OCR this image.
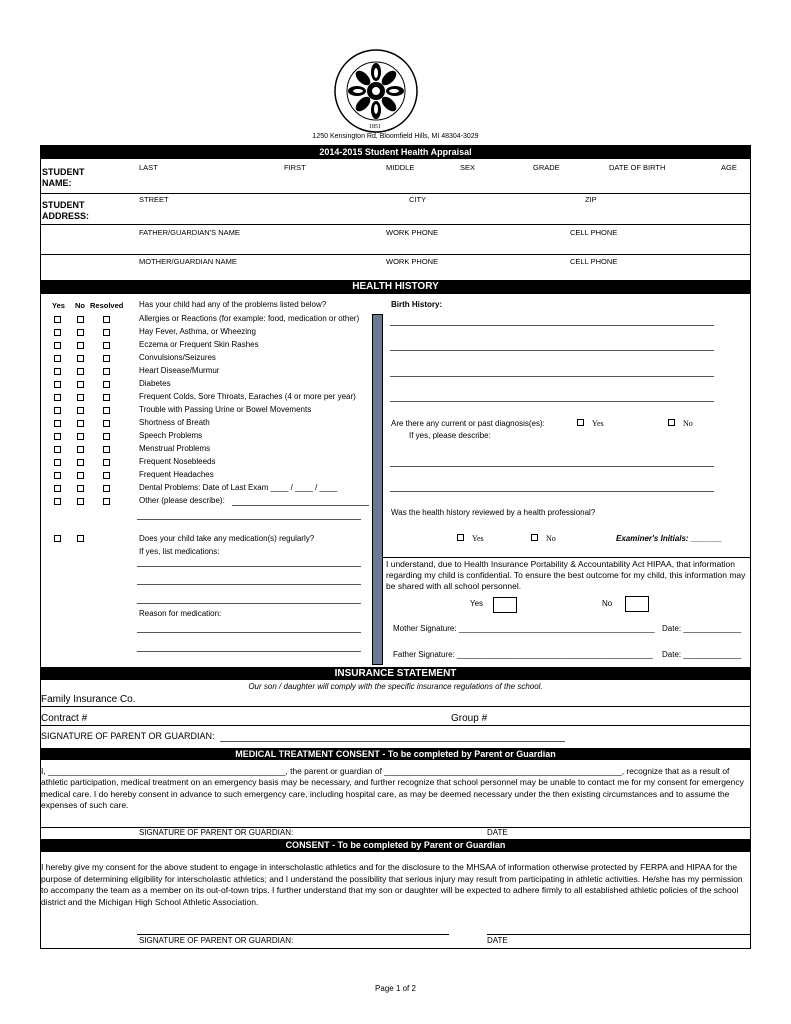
1851
1250 Kensington Rd, Bloomfield Hills, MI 48304-3029
2014-2015 Student Health Appraisal
STUDENT NAME:
LAST	FIRST	MIDDLE	SEX	GRADE	DATE OF BIRTH	AGE
STUDENT ADDRESS:
STREET	CITY	ZIP
FATHER/GUARDIAN'S NAME	WORK PHONE	CELL PHONE
MOTHER/GUARDIAN NAME	WORK PHONE	CELL PHONE
HEALTH HISTORY
Yes No Resolved Has your child had any of the problems listed below?
Allergies or Reactions (for example: food, medication or other)
Hay Fever, Asthma, or Wheezing
Eczema or Frequent Skin Rashes
Convulsions/Seizures
Heart Disease/Murmur
Diabetes
Frequent Colds, Sore Throats, Earaches (4 or more per year)
Trouble with Passing Urine or Bowel Movements
Shortness of Breath
Speech Problems
Menstrual Problems
Frequent Nosebleeds
Frequent Headaches
Dental Problems: Date of Last Exam ____ / ____ / ____
Other (please describe):
Does your child take any medication(s) regularly?
If yes, list medications:
Reason for medication:
Birth History:
Are there any current or past diagnosis(es):	Yes	No
If yes, please describe:
Was the health history reviewed by a health professional?
Yes	No	Examiner's Initials: _______
I understand, due to Health Insurance Portability & Accountability Act HIPAA, that information regarding my child is confidential. To ensure the best outcome for my child, this information may be shared with all school personnel.
Yes	No
Mother Signature: ____________________________________________ Date: _____________
Father Signature: ____________________________________________ Date: _____________
INSURANCE STATEMENT
Our son / daughter will comply with the specific insurance regulations of the school.
Family Insurance Co.
Contract #	Group #
SIGNATURE OF PARENT OR GUARDIAN:
MEDICAL TREATMENT CONSENT - To be completed by Parent or Guardian
I, ___________________________________________________, the parent or guardian of ___________________________________________________, recognize that as a result of
athletic participation, medical treatment on an emergency basis may be necessary, and further recognize that school personnel may be unable to contact me for my consent for emergency medical care. I do hereby consent in advance to such emergency care, including hospital care, as may be deemed necessary under the then existing circumstances and to assume the expenses of such care.
SIGNATURE OF PARENT OR GUARDIAN:	DATE
CONSENT - To be completed by Parent or Guardian
I hereby give my consent for the above student to engage in interscholastic athletics and for the disclosure to the MHSAA of information otherwise protected by FERPA and HIPAA for the purpose of determining eligibility for interscholastic athletics; and I understand the possibility that serious injury may result from participating in athletic activities. He/she has my permission to accompany the team as a member on its out-of-town trips. I further understand that my son or daughter will be expected to adhere firmly to all established athletic policies of the school district and the Michigan High School Athletic Association.
SIGNATURE OF PARENT OR GUARDIAN:	DATE
Page 1 of 2
